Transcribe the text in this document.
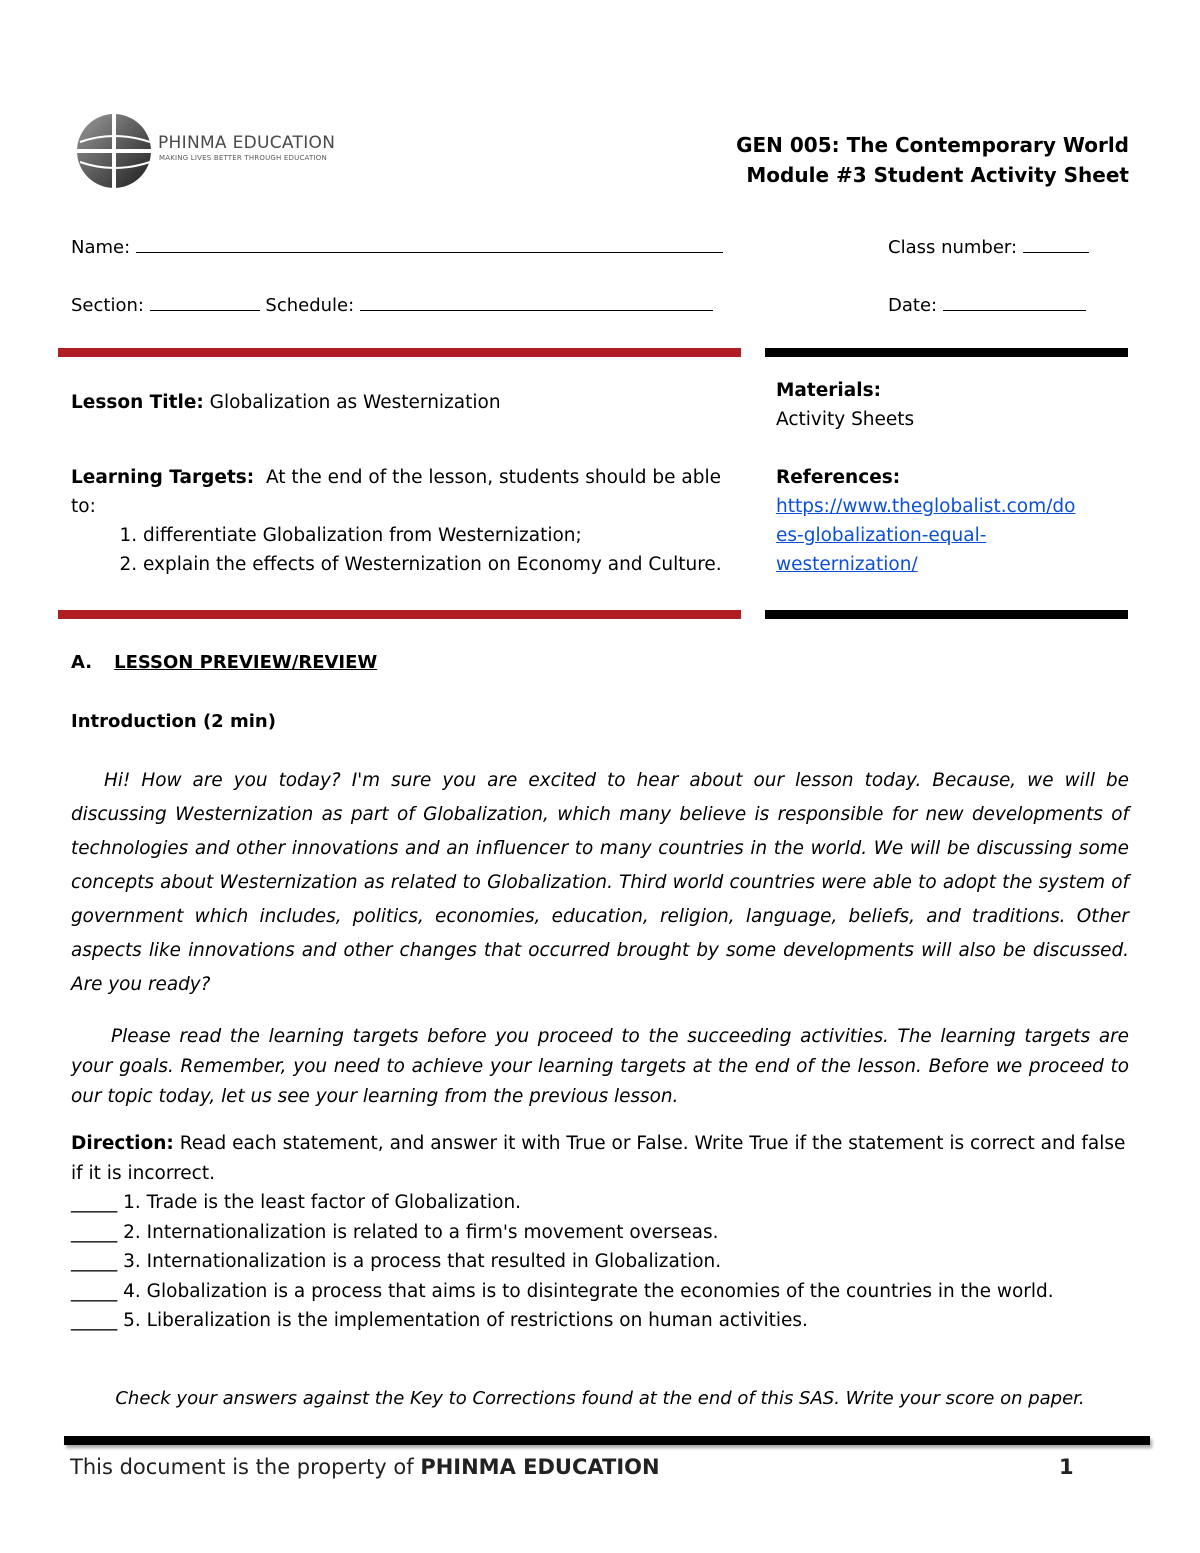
PHINMA EDUCATION
MAKING LIVES BETTER THROUGH EDUCATION
GEN 005: The Contemporary World
Module #3 Student Activity Sheet
Name:	Class number:
Section:	Schedule:	Date:
Lesson Title: Globalization as Westernization
Learning Targets: At the end of the lesson, students should be able to:
1. differentiate Globalization from Westernization;
2. explain the effects of Westernization on Economy and Culture.
Materials:
Activity Sheets
References:
https://www.theglobalist.com/do
es-globalization-equal-
westernization/
A. LESSON PREVIEW/REVIEW
Introduction (2 min)
Hi! How are you today? I'm sure you are excited to hear about our lesson today. Because, we will be discussing Westernization as part of Globalization, which many believe is responsible for new developments of technologies and other innovations and an influencer to many countries in the world. We will be discussing some concepts about Westernization as related to Globalization. Third world countries were able to adopt the system of government which includes, politics, economies, education, religion, language, beliefs, and traditions. Other aspects like innovations and other changes that occurred brought by some developments will also be discussed. Are you ready?
Please read the learning targets before you proceed to the succeeding activities. The learning targets are your goals. Remember, you need to achieve your learning targets at the end of the lesson. Before we proceed to our topic today, let us see your learning from the previous lesson.
Direction: Read each statement, and answer it with True or False. Write True if the statement is correct and false if it is incorrect.
_____ 1. Trade is the least factor of Globalization.
_____ 2. Internationalization is related to a firm's movement overseas.
_____ 3. Internationalization is a process that resulted in Globalization.
_____ 4. Globalization is a process that aims is to disintegrate the economies of the countries in the world.
_____ 5. Liberalization is the implementation of restrictions on human activities.
Check your answers against the Key to Corrections found at the end of this SAS. Write your score on paper.
This document is the property of PHINMA EDUCATION	1
